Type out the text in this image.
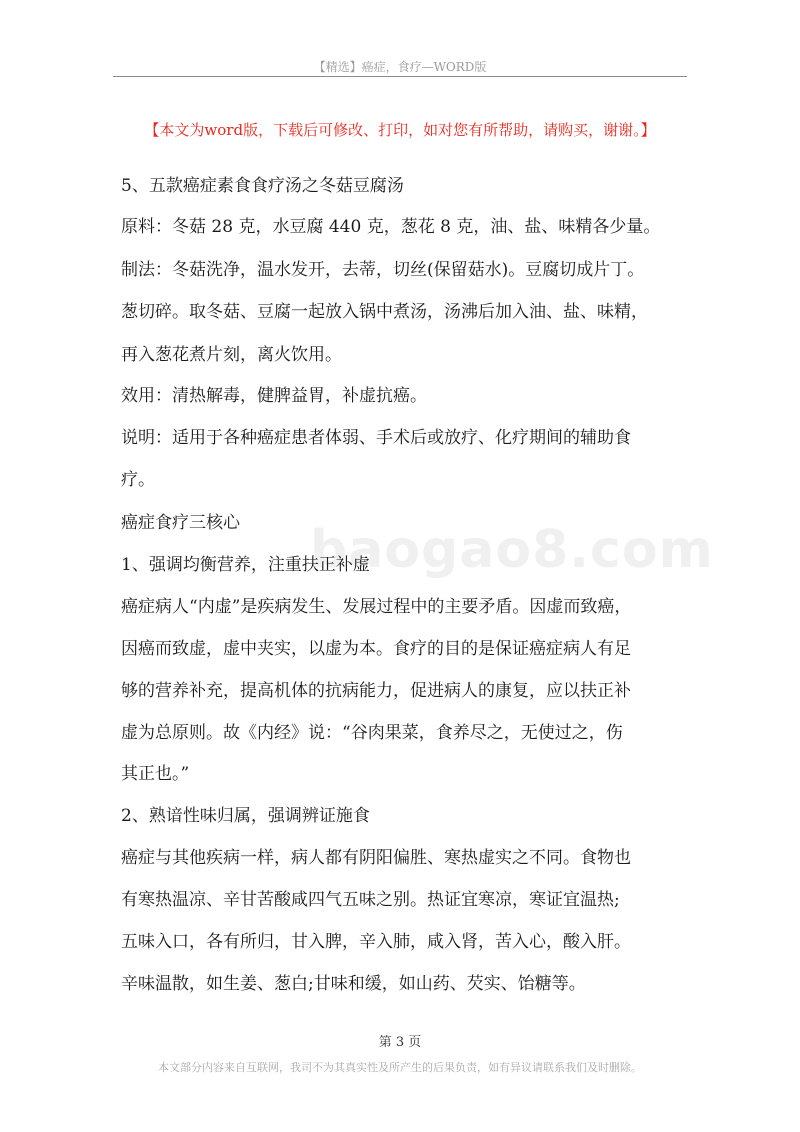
【精选】癌症，食疗—WORD版
【本文为word版，下载后可修改、打印，如对您有所帮助，请购买，谢谢。】
baogao8.com
5、五款癌症素食食疗汤之冬菇豆腐汤
原料：冬菇 28 克，水豆腐 440 克，葱花 8 克，油、盐、味精各少量。
制法：冬菇洗净，温水发开，去蒂，切丝(保留菇水)。豆腐切成片丁。
葱切碎。取冬菇、豆腐一起放入锅中煮汤，汤沸后加入油、盐、味精，
再入葱花煮片刻，离火饮用。
效用：清热解毒，健脾益胃，补虚抗癌。
说明：适用于各种癌症患者体弱、手术后或放疗、化疗期间的辅助食
疗。
癌症食疗三核心
1、强调均衡营养，注重扶正补虚
癌症病人“内虚”是疾病发生、发展过程中的主要矛盾。因虚而致癌，
因癌而致虚，虚中夹实，以虚为本。食疗的目的是保证癌症病人有足
够的营养补充，提高机体的抗病能力，促进病人的康复，应以扶正补
虚为总原则。故《内经》说：“谷肉果菜，食养尽之，无使过之，伤
其正也。”
2、熟谙性味归属，强调辨证施食
癌症与其他疾病一样，病人都有阴阳偏胜、寒热虚实之不同。食物也
有寒热温凉、辛甘苦酸咸四气五味之别。热证宜寒凉，寒证宜温热;
五味入口，各有所归，甘入脾，辛入肺，咸入肾，苦入心，酸入肝。
辛味温散，如生姜、葱白;甘味和缓，如山药、芡实、饴糖等。
第 3 页
本文部分内容来自互联网，我司不为其真实性及所产生的后果负责，如有异议请联系我们及时删除。
